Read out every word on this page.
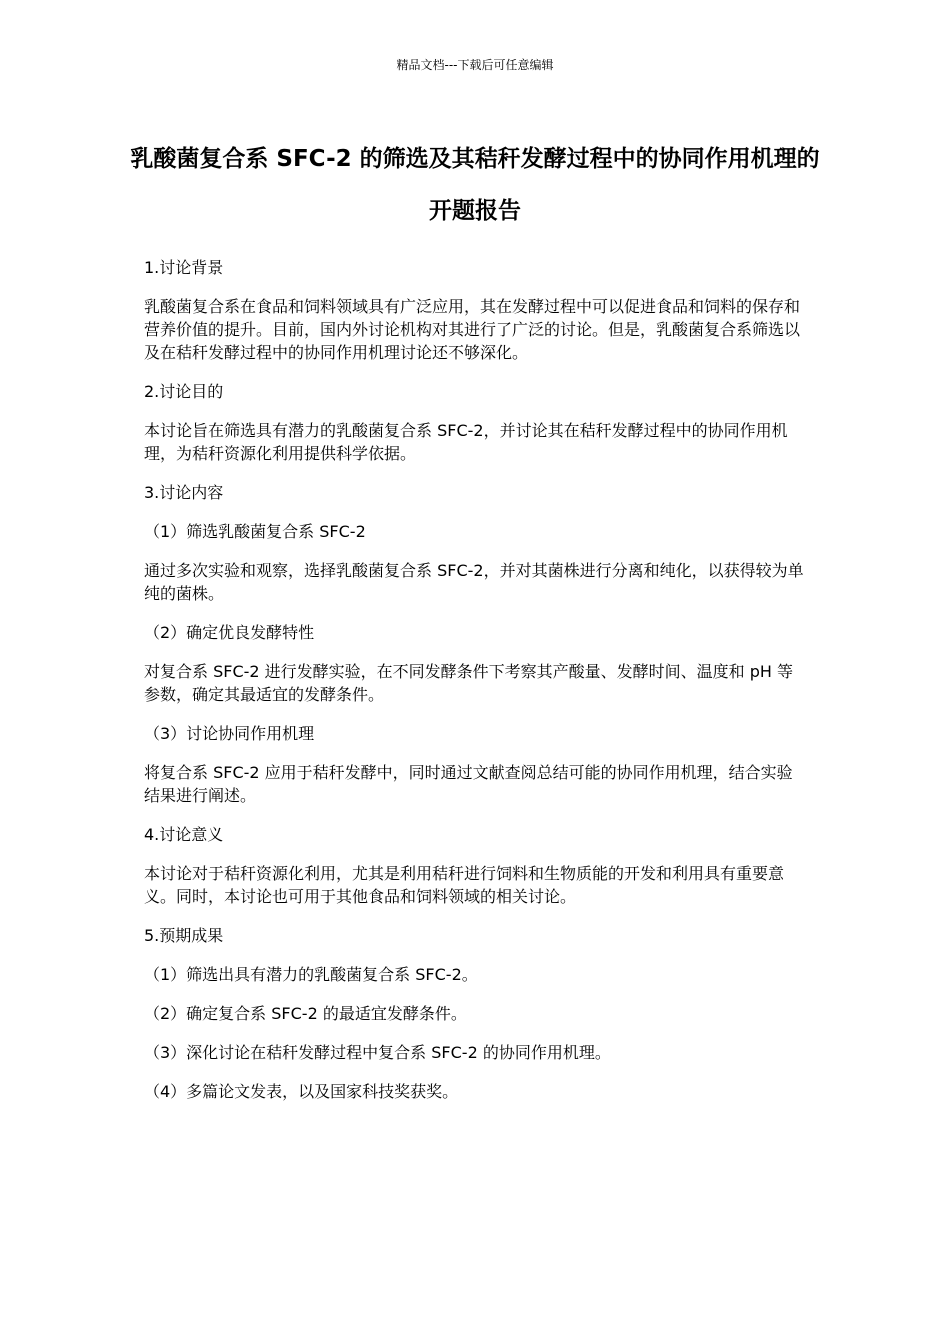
精品文档---下载后可任意编辑
乳酸菌复合系 SFC-2 的筛选及其秸秆发酵过程中的协同作用机理的开题报告

1.讨论背景

乳酸菌复合系在食品和饲料领域具有广泛应用，其在发酵过程中可以促进食品和饲料的保存和营养价值的提升。目前，国内外讨论机构对其进行了广泛的讨论。但是，乳酸菌复合系筛选以及在秸秆发酵过程中的协同作用机理讨论还不够深化。

2.讨论目的

本讨论旨在筛选具有潜力的乳酸菌复合系 SFC-2，并讨论其在秸秆发酵过程中的协同作用机理，为秸秆资源化利用提供科学依据。

3.讨论内容

（1）筛选乳酸菌复合系 SFC-2

通过多次实验和观察，选择乳酸菌复合系 SFC-2，并对其菌株进行分离和纯化，以获得较为单纯的菌株。

（2）确定优良发酵特性

对复合系 SFC-2 进行发酵实验，在不同发酵条件下考察其产酸量、发酵时间、温度和 pH 等参数，确定其最适宜的发酵条件。

（3）讨论协同作用机理

将复合系 SFC-2 应用于秸秆发酵中，同时通过文献查阅总结可能的协同作用机理，结合实验结果进行阐述。

4.讨论意义

本讨论对于秸秆资源化利用，尤其是利用秸秆进行饲料和生物质能的开发和利用具有重要意义。同时，本讨论也可用于其他食品和饲料领域的相关讨论。

5.预期成果

（1）筛选出具有潜力的乳酸菌复合系 SFC-2。

（2）确定复合系 SFC-2 的最适宜发酵条件。

（3）深化讨论在秸秆发酵过程中复合系 SFC-2 的协同作用机理。

（4）多篇论文发表，以及国家科技奖获奖。
